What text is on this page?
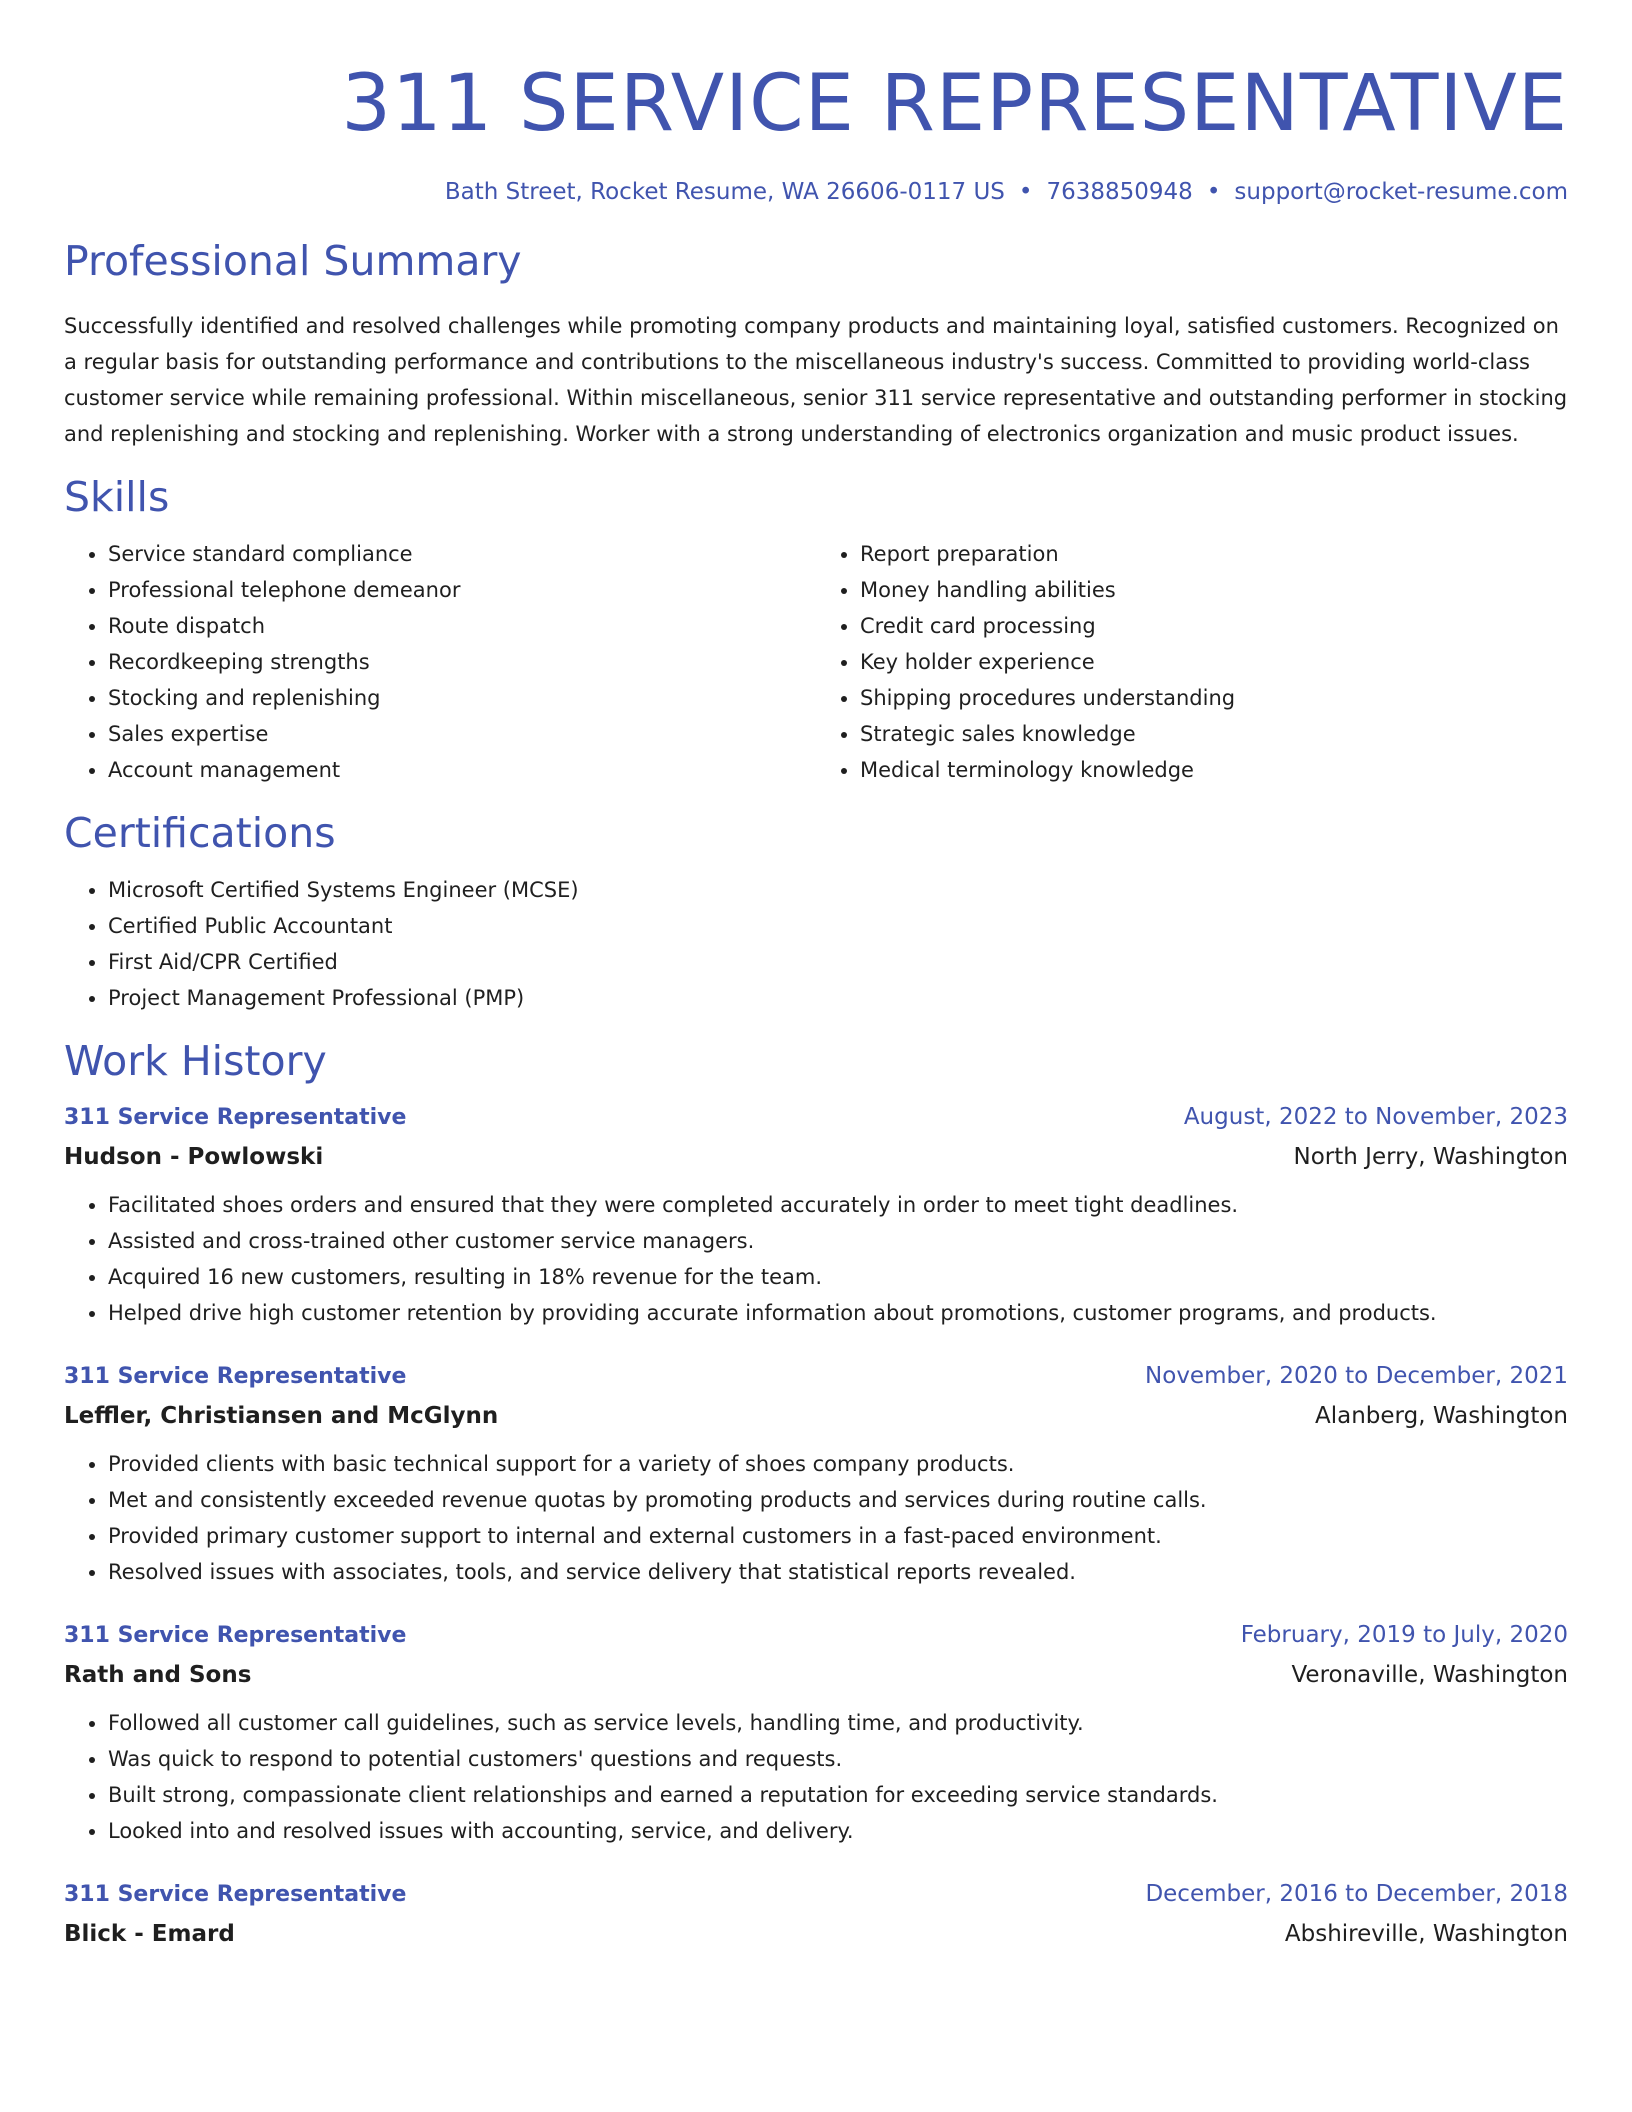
311 SERVICE REPRESENTATIVE
Bath Street, Rocket Resume, WA 26606-0117 US • 7638850948 • support@rocket-resume.com
Professional Summary

Successfully identified and resolved challenges while promoting company products and maintaining loyal, satisfied customers. Recognized on a regular basis for outstanding performance and contributions to the miscellaneous industry's success. Committed to providing world-class customer service while remaining professional. Within miscellaneous, senior 311 service representative and outstanding performer in stocking and replenishing and stocking and replenishing. Worker with a strong understanding of electronics organization and music product issues.

Skills
• Service standard compliance
• Professional telephone demeanor
• Route dispatch
• Recordkeeping strengths
• Stocking and replenishing
• Sales expertise
• Account management
• Report preparation
• Money handling abilities
• Credit card processing
• Key holder experience
• Shipping procedures understanding
• Strategic sales knowledge
• Medical terminology knowledge
Certifications
• Microsoft Certified Systems Engineer (MCSE)
• Certified Public Accountant
• First Aid/CPR Certified
• Project Management Professional (PMP)
Work History
311 Service Representative	August, 2022 to November, 2023
Hudson - Powlowski	North Jerry, Washington
• Facilitated shoes orders and ensured that they were completed accurately in order to meet tight deadlines.
• Assisted and cross-trained other customer service managers.
• Acquired 16 new customers, resulting in 18% revenue for the team.
• Helped drive high customer retention by providing accurate information about promotions, customer programs, and products.
311 Service Representative	November, 2020 to December, 2021
Leffler, Christiansen and McGlynn	Alanberg, Washington
• Provided clients with basic technical support for a variety of shoes company products.
• Met and consistently exceeded revenue quotas by promoting products and services during routine calls.
• Provided primary customer support to internal and external customers in a fast-paced environment.
• Resolved issues with associates, tools, and service delivery that statistical reports revealed.
311 Service Representative	February, 2019 to July, 2020
Rath and Sons	Veronaville, Washington
• Followed all customer call guidelines, such as service levels, handling time, and productivity.
• Was quick to respond to potential customers' questions and requests.
• Built strong, compassionate client relationships and earned a reputation for exceeding service standards.
• Looked into and resolved issues with accounting, service, and delivery.
311 Service Representative	December, 2016 to December, 2018
Blick - Emard	Abshireville, Washington
